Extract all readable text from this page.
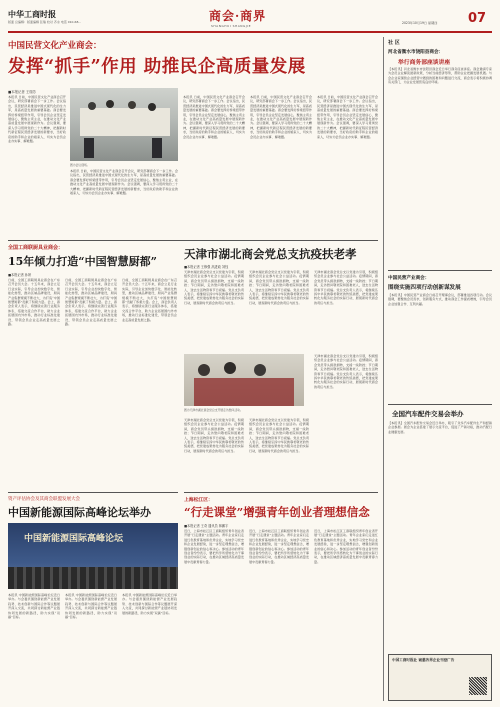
中华工商时报
版面 总编辑：版面编辑 张瑞 校对 齐永 电话 010-68...	商会·商界
SHANGHUI SHANGJIE
2023年10月19日 星期四 07
中国民营文化产业商会：
发挥“抓手”作用 助推民企高质量发展
■本报记者 王瑞芳
本报讯 日前，中国民营文化产业商会召开会议，研究部署商会下一步工作。会议指出，民营经济是推进中国式现代化的生力军，是高质量发展的重要基础。商会要发挥好桥梁纽带作用，引导会员企业坚定发展信心，聚焦主责主业，在推动文化产业高质量发展中展现新作为。会议强调，要深入学习贯彻党的二十大精神，把握新时代新征程民营经济发展的新要求，当好政府的助手和企业的娘家人，切实为会员企业办实事、解难题。
图为会议现场。
本报讯 日前，中国民营文化产业商会召开会议，研究部署商会下一步工作。会议指出，民营经济是推进中国式现代化的生力军，是高质量发展的重要基础。商会要发挥好桥梁纽带作用，引导会员企业坚定发展信心，聚焦主责主业，在推动文化产业高质量发展中展现新作为。会议强调，要深入学习贯彻党的二十大精神，把握新时代新征程民营经济发展的新要求，当好政府的助手和企业的娘家人，切实为会员企业办实事、解难题。
本报讯 日前，中国民营文化产业商会召开会议，研究部署商会下一步工作。会议指出，民营经济是推进中国式现代化的生力军，是高质量发展的重要基础。商会要发挥好桥梁纽带作用，引导会员企业坚定发展信心，聚焦主责主业，在推动文化产业高质量发展中展现新作为。会议强调，要深入学习贯彻党的二十大精神，把握新时代新征程民营经济发展的新要求，当好政府的助手和企业的娘家人，切实为会员企业办实事、解难题。
本报讯 日前，中国民营文化产业商会召开会议，研究部署商会下一步工作。会议指出，民营经济是推进中国式现代化的生力军，是高质量发展的重要基础。商会要发挥好桥梁纽带作用，引导会员企业坚定发展信心，聚焦主责主业，在推动文化产业高质量发展中展现新作为。会议强调，要深入学习贯彻党的二十大精神，把握新时代新征程民营经济发展的新要求，当好政府的助手和企业的娘家人，切实为会员企业办实事、解难题。
本报讯 日前，中国民营文化产业商会召开会议，研究部署商会下一步工作。会议指出，民营经济是推进中国式现代化的生力军，是高质量发展的重要基础。商会要发挥好桥梁纽带作用，引导会员企业坚定发展信心，聚焦主责主业，在推动文化产业高质量发展中展现新作为。会议强调，要深入学习贯彻党的二十大精神，把握新时代新征程民营经济发展的新要求，当好政府的助手和企业的娘家人，切实为会员企业办实事、解难题。
全国工商联厨具业商会：
15年倾力打造“中国智慧厨都”
■本报记者 孙妍
日前，全国工商联厨具业商会在广东召开会员大会。十五年来，商会立足行业实际，引导企业加快数字化、智能化转型，推动区域品牌建设，厨具产业集群规模不断壮大，为打造“中国智慧厨都”贡献了积极力量。会上，商会负责人表示，将继续完善行业服务体系，搭建交流合作平台，助力企业拓展国内外市场，推动行业标准化建设，带领会员企业走高质量发展之路。
日前，全国工商联厨具业商会在广东召开会员大会。十五年来，商会立足行业实际，引导企业加快数字化、智能化转型，推动区域品牌建设，厨具产业集群规模不断壮大，为打造“中国智慧厨都”贡献了积极力量。会上，商会负责人表示，将继续完善行业服务体系，搭建交流合作平台，助力企业拓展国内外市场，推动行业标准化建设，带领会员企业走高质量发展之路。
日前，全国工商联厨具业商会在广东召开会员大会。十五年来，商会立足行业实际，引导企业加快数字化、智能化转型，推动区域品牌建设，厨具产业集群规模不断壮大，为打造“中国智慧厨都”贡献了积极力量。会上，商会负责人表示，将继续完善行业服务体系，搭建交流合作平台，助力企业拓展国内外市场，推动行业标准化建设，带领会员企业走高质量发展之路。
资产评估协会及其商会联盟发展大会
中国新能源国际高峰论坛举办
中国新能源国际高峰论坛
本报讯 中国新能源国际高峰论坛近日举办。与会嘉宾围绕新能源产业发展趋势、技术创新与国际合作等议题展开深入交流，共同探讨新能源产业链协同发展的新路径，助力实现“双碳”目标。
本报讯 中国新能源国际高峰论坛近日举办。与会嘉宾围绕新能源产业发展趋势、技术创新与国际合作等议题展开深入交流，共同探讨新能源产业链协同发展的新路径，助力实现“双碳”目标。
本报讯 中国新能源国际高峰论坛近日举办。与会嘉宾围绕新能源产业发展趋势、技术创新与国际合作等议题展开深入交流，共同探讨新能源产业链协同发展的新路径，助力实现“双碳”目标。
天津市湖北商会党总支抗疫扶老孝
■本报记者 王修强 高进政 刘钰
天津市湖北商会党总支以党建为引领，积极组织会员企业参与社会公益活动。疫情期间，商会党员带头捐款捐物，支援一线防控；节日期间，走访慰问敬老院和困难老人，送去生活物资和节日祝福。党总支负责人表示，将继续弘扬中华民族尊老敬老的传统美德，把党建成果转化为服务社会的实际行动，展现新时代商会的责任与担当。
天津市湖北商会党总支以党建为引领，积极组织会员企业参与社会公益活动。疫情期间，商会党员带头捐款捐物，支援一线防控；节日期间，走访慰问敬老院和困难老人，送去生活物资和节日祝福。党总支负责人表示，将继续弘扬中华民族尊老敬老的传统美德，把党建成果转化为服务社会的实际行动，展现新时代商会的责任与担当。
天津市湖北商会党总支以党建为引领，积极组织会员企业参与社会公益活动。疫情期间，商会党员带头捐款捐物，支援一线防控；节日期间，走访慰问敬老院和困难老人，送去生活物资和节日祝福。党总支负责人表示，将继续弘扬中华民族尊老敬老的传统美德，把党建成果转化为服务社会的实际行动，展现新时代商会的责任与担当。
图为天津市湖北商会党总支开展走访慰问活动。
天津市湖北商会党总支以党建为引领，积极组织会员企业参与社会公益活动。疫情期间，商会党员带头捐款捐物，支援一线防控；节日期间，走访慰问敬老院和困难老人，送去生活物资和节日祝福。党总支负责人表示，将继续弘扬中华民族尊老敬老的传统美德，把党建成果转化为服务社会的实际行动，展现新时代商会的责任与担当。
天津市湖北商会党总支以党建为引领，积极组织会员企业参与社会公益活动。疫情期间，商会党员带头捐款捐物，支援一线防控；节日期间，走访慰问敬老院和困难老人，送去生活物资和节日祝福。党总支负责人表示，将继续弘扬中华民族尊老敬老的传统美德，把党建成果转化为服务社会的实际行动，展现新时代商会的责任与担当。
天津市湖北商会党总支以党建为引领，积极组织会员企业参与社会公益活动。疫情期间，商会党员带头捐款捐物，支援一线防控；节日期间，走访慰问敬老院和困难老人，送去生活物资和节日祝福。党总支负责人表示，将继续弘扬中华民族尊老敬老的传统美德，把党建成果转化为服务社会的实际行动，展现新时代商会的责任与担当。
上海松江区：
“行走课堂”增强青年创业者理想信念
■本报记者 王奇 通讯员 林鹏宇
近日，上海市松江区工商联组织青年创业者开展“行走课堂”主题活动。青年企业家们走进红色教育基地和优秀企业，实地学习党史和企业发展经验，进一步坚定理想信念，增强创新创业的信心和决心。参加活动的青年创业者纷纷表示，要把所学所感转化为干事创业的实际行动，在推动区域经济高质量发展中贡献青春力量。
近日，上海市松江区工商联组织青年创业者开展“行走课堂”主题活动。青年企业家们走进红色教育基地和优秀企业，实地学习党史和企业发展经验，进一步坚定理想信念，增强创新创业的信心和决心。参加活动的青年创业者纷纷表示，要把所学所感转化为干事创业的实际行动，在推动区域经济高质量发展中贡献青春力量。
近日，上海市松江区工商联组织青年创业者开展“行走课堂”主题活动。青年企业家们走进红色教育基地和优秀企业，实地学习党史和企业发展经验，进一步坚定理想信念，增强创新创业的信心和决心。参加活动的青年创业者纷纷表示，要把所学所感转化为干事创业的实际行动，在推动区域经济高质量发展中贡献青春力量。
社 区
河北省衡水市饶阳县商会：
举行商务部座谈讲座
【本报讯】河北省衡水市饶阳县商会近日举行商务座谈讲座。商会邀请专家为会员企业解读最新政策，分析当前经济形势，帮助企业把握发展机遇。与会企业家围绕企业经营中遇到的困难和问题进行交流，商会表示将积极协调有关部门，为企业发展营造良好环境。
中国民营产业商会：
围绕实施四项行动创新谋发展
【本报讯】中国民营产业商会日前召开理事会议，部署推进四项行动。会议强调，要聚焦会员需求，创新服务方式，推动商会工作提质增效，引导会员企业加强合作、互利共赢。
全国汽车配件交易会举办
【本报讯】全国汽车配件交易会近日举办，吸引了众多汽车配件生产和经销企业参展。展会为企业搭建了展示交流平台，促进了产销对接，推动汽配行业健康发展。
中国工商时报社 诚邀各界企业刊登广告
